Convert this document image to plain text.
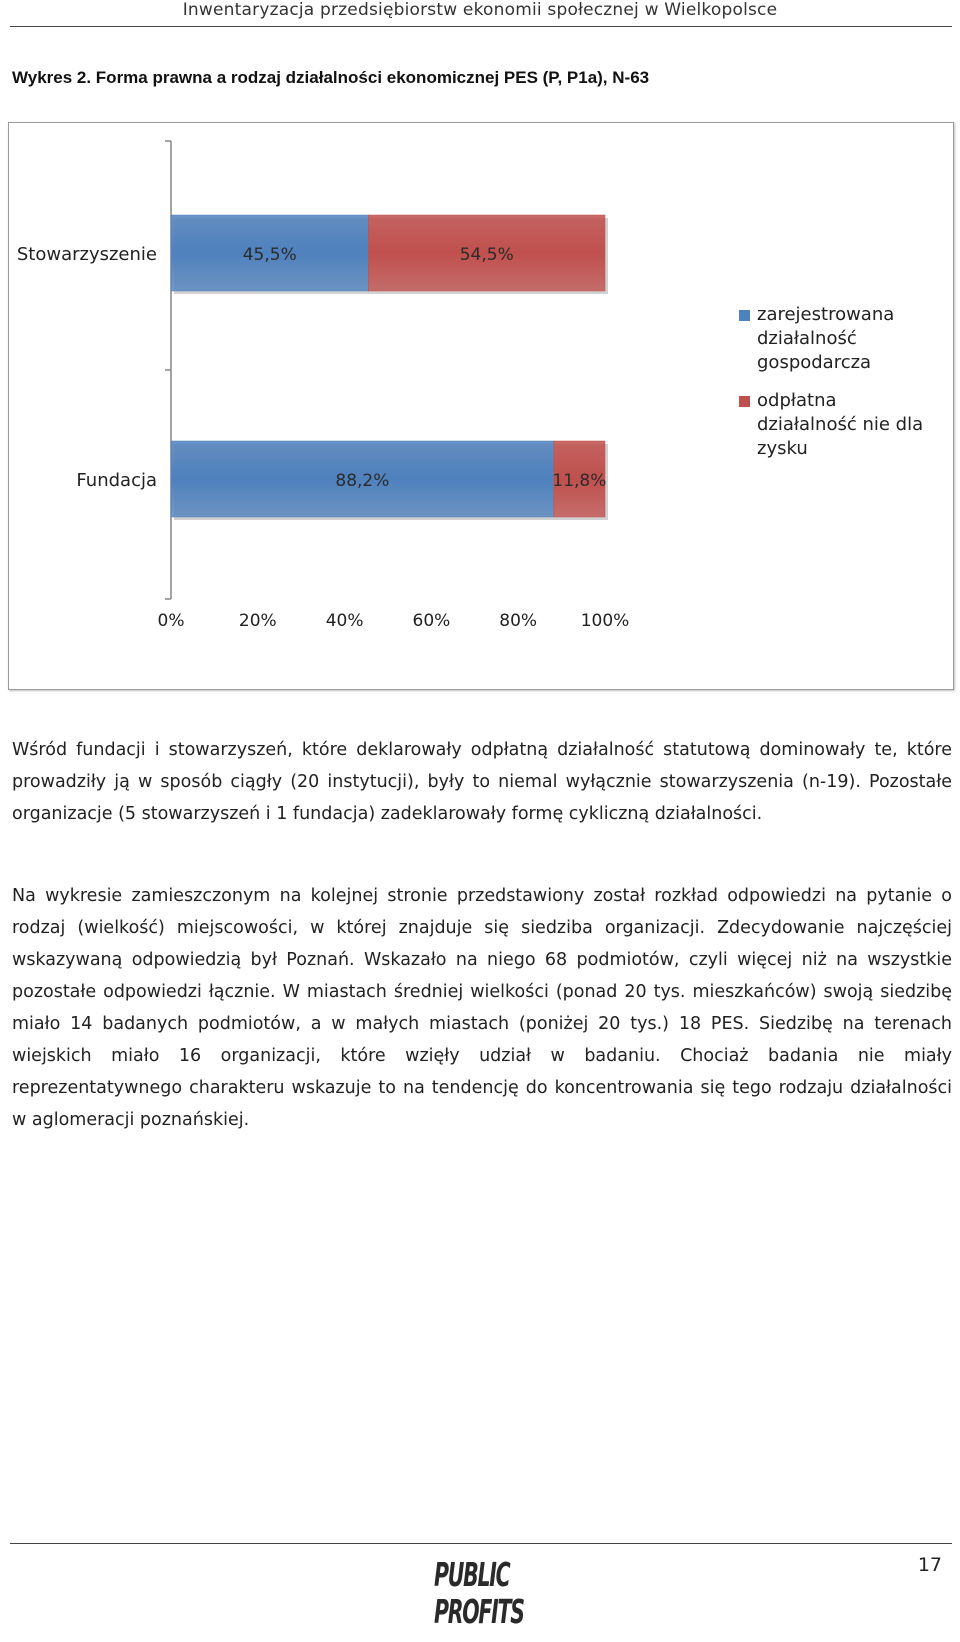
Inwentaryzacja przedsiębiorstw ekonomii społecznej w Wielkopolsce
Wykres 2. Forma prawna a rodzaj działalności ekonomicznej PES (P, P1a), N-63
45,5%	54,5%
Stowarzyszenie
88,2%	11,8%
Fundacja
0%	20%	40%	60%	80%	100%
zarejestrowana
działalność
gospodarcza
odpłatna
działalność nie dla
zysku
Wśród fundacji i stowarzyszeń, które deklarowały odpłatną działalność statutową dominowały te, które prowadziły ją w sposób ciągły (20 instytucji), były to niemal wyłącznie stowarzyszenia (n-19). Pozostałe organizacje (5 stowarzyszeń i 1 fundacja) zadeklarowały formę cykliczną działalności.
Na wykresie zamieszczonym na kolejnej stronie przedstawiony został rozkład odpowiedzi na pytanie o rodzaj (wielkość) miejscowości, w której znajduje się siedziba organizacji. Zdecydowanie najczęściej wskazywaną odpowiedzią był Poznań. Wskazało na niego 68 podmiotów, czyli więcej niż na wszystkie pozostałe odpowiedzi łącznie. W miastach średniej wielkości (ponad 20 tys. mieszkańców) swoją siedzibę miało 14 badanych podmiotów, a w małych miastach (poniżej 20 tys.) 18 PES. Siedzibę na terenach wiejskich miało 16 organizacji, które wzięły udział w badaniu. Chociaż badania nie miały reprezentatywnego charakteru wskazuje to na tendencję do koncentrowania się tego rodzaju działalności w aglomeracji poznańskiej.
PUBLIC
PROFITS
17
